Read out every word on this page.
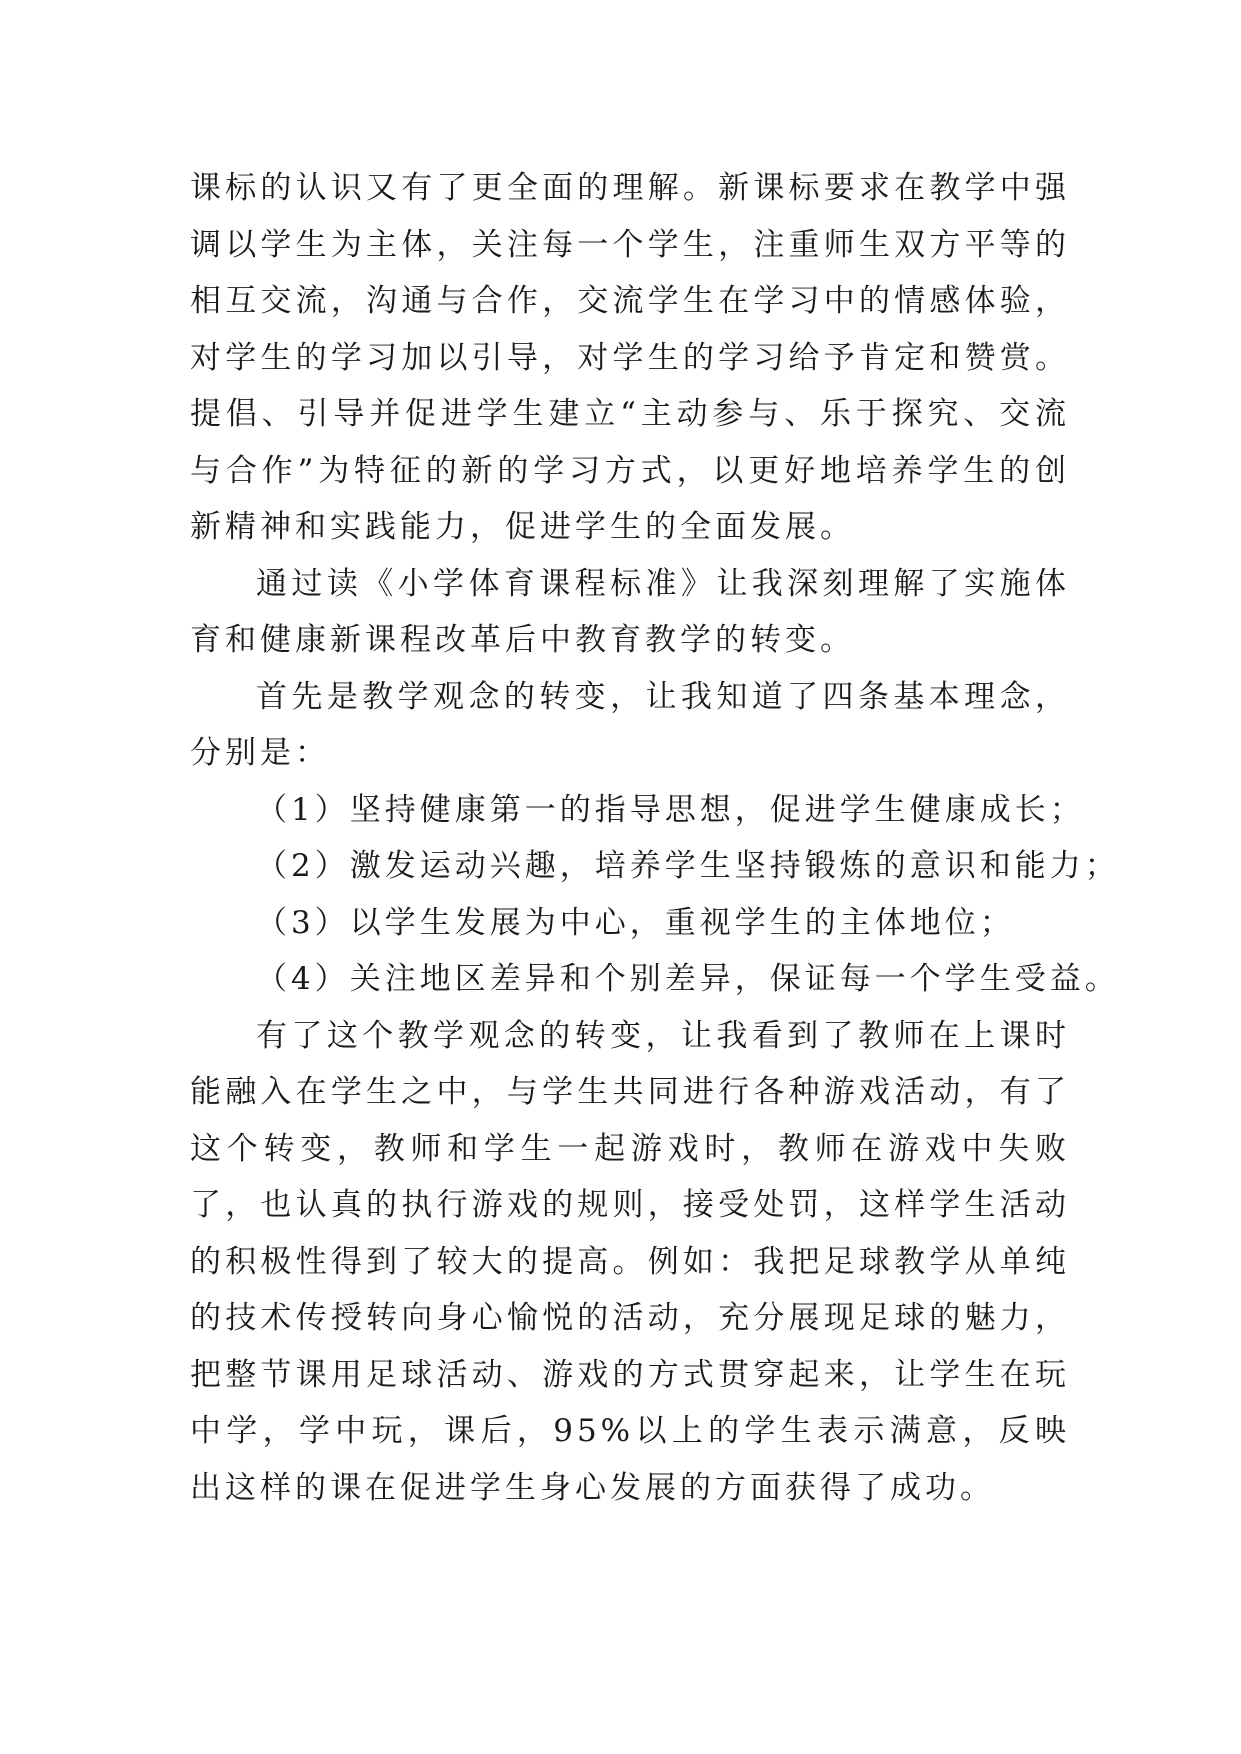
课标的认识又有了更全面的理解。新课标要求在教学中强调以学生为主体，关注每一个学生，注重师生双方平等的相互交流，沟通与合作，交流学生在学习中的情感体验，对学生的学习加以引导，对学生的学习给予肯定和赞赏。提倡、引导并促进学生建立“主动参与、乐于探究、交流与合作”为特征的新的学习方式，以更好地培养学生的创新精神和实践能力，促进学生的全面发展。

通过读《小学体育课程标准》让我深刻理解了实施体育和健康新课程改革后中教育教学的转变。

首先是教学观念的转变，让我知道了四条基本理念，分别是：

（1）坚持健康第一的指导思想，促进学生健康成长；

（2）激发运动兴趣，培养学生坚持锻炼的意识和能力；

（3）以学生发展为中心，重视学生的主体地位；

（4）关注地区差异和个别差异，保证每一个学生受益。

有了这个教学观念的转变，让我看到了教师在上课时能融入在学生之中，与学生共同进行各种游戏活动，有了这个转变，教师和学生一起游戏时，教师在游戏中失败了，也认真的执行游戏的规则，接受处罚，这样学生活动的积极性得到了较大的提高。例如：我把足球教学从单纯的技术传授转向身心愉悦的活动，充分展现足球的魅力，把整节课用足球活动、游戏的方式贯穿起来，让学生在玩中学，学中玩，课后，95%以上的学生表示满意，反映出这样的课在促进学生身心发展的方面获得了成功。
